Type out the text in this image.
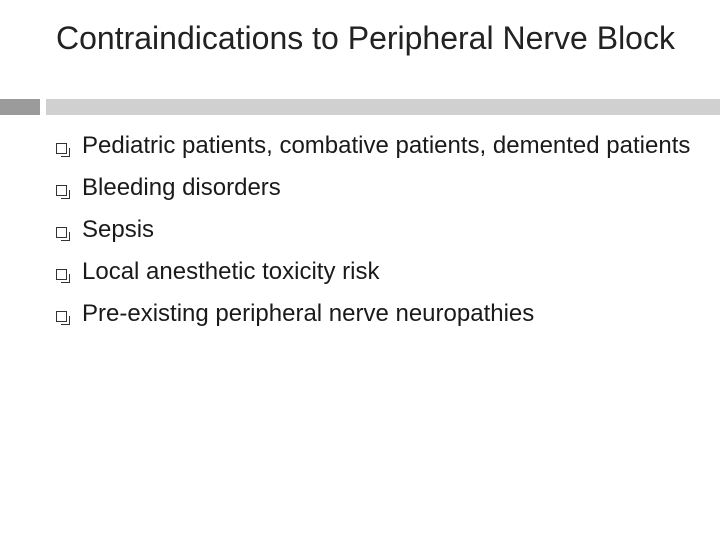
Contraindications to Peripheral Nerve Block
Pediatric patients, combative patients, demented patients
Bleeding disorders
Sepsis
Local anesthetic toxicity risk
Pre-existing peripheral nerve neuropathies
